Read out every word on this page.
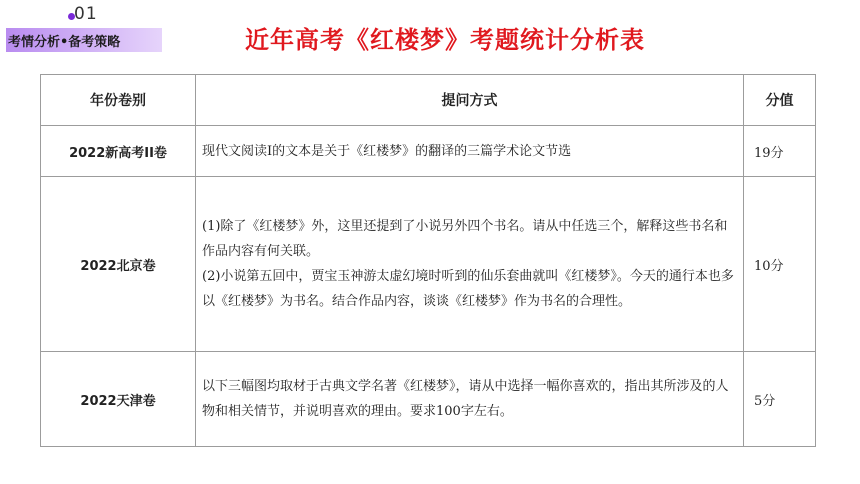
01
考情分析•备考策略	近年高考《红楼梦》考题统计分析表
年份卷别	提问方式	分值
2022新高考II卷	现代文阅读I的文本是关于《红楼梦》的翻译的三篇学术论文节选	19分
2022北京卷	(1)除了《红楼梦》外，这里还提到了小说另外四个书名。请从中任选三个，解释这些书名和作品内容有何关联。
(2)小说第五回中，贾宝玉神游太虚幻境时听到的仙乐套曲就叫《红楼梦》。今天的通行本也多以《红楼梦》为书名。结合作品内容，谈谈《红楼梦》作为书名的合理性。	10分
2022天津卷	以下三幅图均取材于古典文学名著《红楼梦》，请从中选择一幅你喜欢的，指出其所涉及的人物和相关情节，并说明喜欢的理由。要求100字左右。	5分
